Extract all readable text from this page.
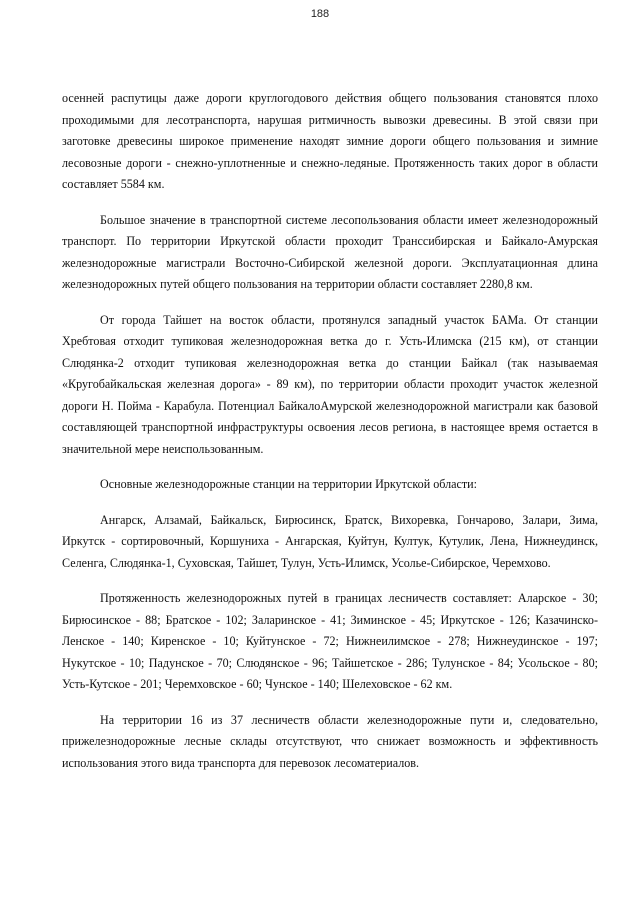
188

осенней распутицы даже дороги круглогодового действия общего пользования становятся плохо проходимыми для лесотранспорта, нарушая ритмичность вывозки древесины. В этой связи при заготовке древесины широкое применение находят зимние дороги общего пользования и зимние лесовозные дороги - снежно-уплотненные и снежно-ледяные. Протяженность таких дорог в области составляет 5584 км.

Большое значение в транспортной системе лесопользования области имеет железнодорожный транспорт. По территории Иркутской области проходит Транссибирская и Байкало-Амурская железнодорожные магистрали Восточно-Сибирской железной дороги. Эксплуатационная длина железнодорожных путей общего пользования на территории области составляет 2280,8 км.

От города Тайшет на восток области, протянулся западный участок БАМа. От станции Хребтовая отходит тупиковая железнодорожная ветка до г. Усть-Илимска (215 км), от станции Слюдянка-2 отходит тупиковая железнодорожная ветка до станции Байкал (так называемая «Кругобайкальская железная дорога» - 89 км), по территории области проходит участок железной дороги Н. Пойма - Карабула. Потенциал БайкалоАмурской железнодорожной магистрали как базовой составляющей транспортной инфраструктуры освоения лесов региона, в настоящее время остается в значительной мере неиспользованным.

Основные железнодорожные станции на территории Иркутской области:

Ангарск, Алзамай, Байкальск, Бирюсинск, Братск, Вихоревка, Гончарово, Залари, Зима, Иркутск - сортировочный, Коршуниха - Ангарская, Куйтун, Култук, Кутулик, Лена, Нижнеудинск, Селенга, Слюдянка-1, Суховская, Тайшет, Тулун, Усть-Илимск, Усолье-Сибирское, Черемхово.

Протяженность железнодорожных путей в границах лесничеств составляет: Аларское - 30; Бирюсинское - 88; Братское - 102; Заларинское - 41; Зиминское - 45; Иркутское - 126; Казачинско-Ленское - 140; Киренское - 10; Куйтунское - 72; Нижнеилимское - 278; Нижнеудинское - 197; Нукутское - 10; Падунское - 70; Слюдянское - 96; Тайшетское - 286; Тулунское - 84; Усольское - 80; Усть-Кутское - 201; Черемховское - 60; Чунское - 140; Шелеховское - 62 км.

На территории 16 из 37 лесничеств области железнодорожные пути и, следовательно, прижелезнодорожные лесные склады отсутствуют, что снижает возможность и эффективность использования этого вида транспорта для перевозок лесоматериалов.
